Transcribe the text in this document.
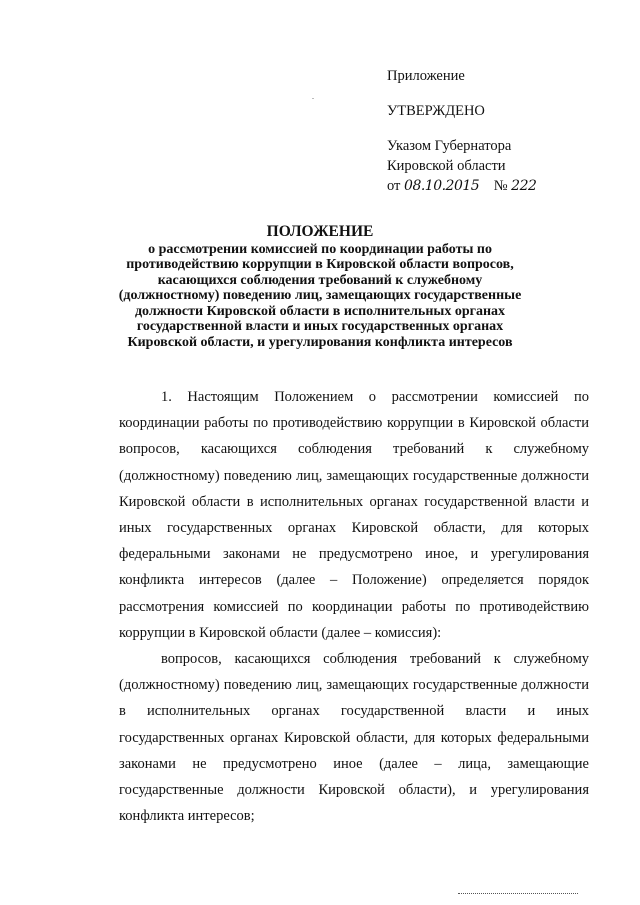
Приложение
УТВЕРЖДЕНО
Указом Губернатора
Кировской области
от 08.10.2015 № 222
ПОЛОЖЕНИЕ
о рассмотрении комиссией по координации работы по противодействию коррупции в Кировской области вопросов, касающихся соблюдения требований к служебному (должностному) поведению лиц, замещающих государственные должности Кировской области в исполнительных органах государственной власти и иных государственных органах Кировской области, и урегулирования конфликта интересов

1. Настоящим Положением о рассмотрении комиссией по координации работы по противодействию коррупции в Кировской области вопросов, касающихся соблюдения требований к служебному (должностному) поведению лиц, замещающих государственные должности Кировской области в исполнительных органах государственной власти и иных государственных органах Кировской области, для которых федеральными законами не предусмотрено иное, и урегулирования конфликта интересов (далее – Положение) определяется порядок рассмотрения комиссией по координации работы по противодействию коррупции в Кировской области (далее – комиссия):

вопросов, касающихся соблюдения требований к служебному (должностному) поведению лиц, замещающих государственные должности в исполнительных органах государственной власти и иных государственных органах Кировской области, для которых федеральными законами не предусмотрено иное (далее – лица, замещающие государственные должности Кировской области), и урегулирования конфликта интересов;
